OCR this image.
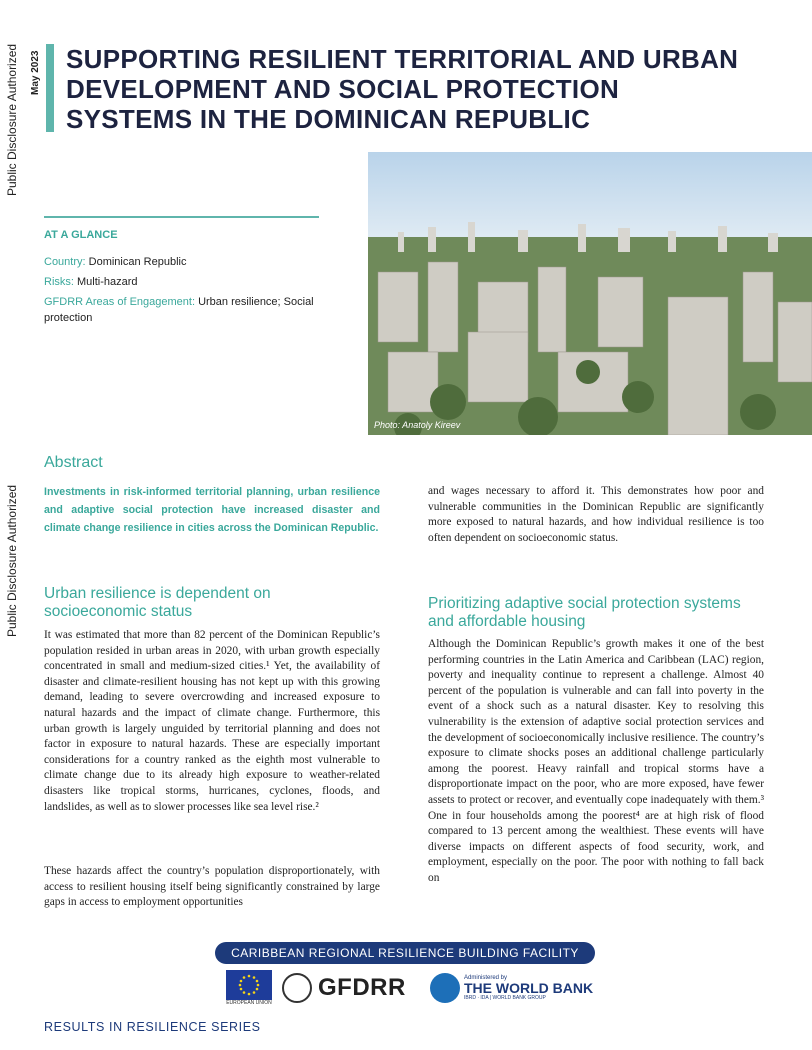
Public Disclosure Authorized
Public Disclosure Authorized
May 2023 SUPPORTING RESILIENT TERRITORIAL AND URBAN DEVELOPMENT AND SOCIAL PROTECTION SYSTEMS IN THE DOMINICAN REPUBLIC
Photo: Anatoly Kireev
AT A GLANCE
Country: Dominican Republic
Risks: Multi-hazard
GFDRR Areas of Engagement: Urban resilience; Social protection
Abstract
Investments in risk-informed territorial planning, urban resilience and adaptive social protection have increased disaster and climate change resilience in cities across the Dominican Republic.
Urban resilience is dependent on socioeconomic status
It was estimated that more than 82 percent of the Dominican Republic’s population resided in urban areas in 2020, with urban growth especially concentrated in small and medium-sized cities.¹ Yet, the availability of disaster and climate-resilient housing has not kept up with this growing demand, leading to severe overcrowding and increased exposure to natural hazards and the impact of climate change. Furthermore, this urban growth is largely unguided by territorial planning and does not factor in exposure to natural hazards. These are especially important considerations for a country ranked as the eighth most vulnerable to climate change due to its already high exposure to weather-related disasters like tropical storms, hurricanes, cyclones, floods, and landslides, as well as to slower processes like sea level rise.²
These hazards affect the country’s population disproportionately, with access to resilient housing itself being significantly constrained by large gaps in access to employment opportunities
and wages necessary to afford it. This demonstrates how poor and vulnerable communities in the Dominican Republic are significantly more exposed to natural hazards, and how individual resilience is too often dependent on socioeconomic status.
Prioritizing adaptive social protection systems and affordable housing
Although the Dominican Republic’s growth makes it one of the best performing countries in the Latin America and Caribbean (LAC) region, poverty and inequality continue to represent a challenge. Almost 40 percent of the population is vulnerable and can fall into poverty in the event of a shock such as a natural disaster. Key to resolving this vulnerability is the extension of adaptive social protection services and the development of socioeconomically inclusive resilience. The country’s exposure to climate shocks poses an additional challenge particularly among the poorest. Heavy rainfall and tropical storms have a disproportionate impact on the poor, who are more exposed, have fewer assets to protect or recover, and eventually cope inadequately with them.³ One in four households among the poorest⁴ are at high risk of flood compared to 13 percent among the wealthiest. These events will have diverse impacts on different aspects of food security, work, and employment, especially on the poor. The poor with nothing to fall back on
CARIBBEAN REGIONAL RESILIENCE BUILDING FACILITY
EUROPEAN UNION
GFDRR	Administered by
THE WORLD BANK
IBRD · IDA | WORLD BANK GROUP
RESULTS IN RESILIENCE SERIES
